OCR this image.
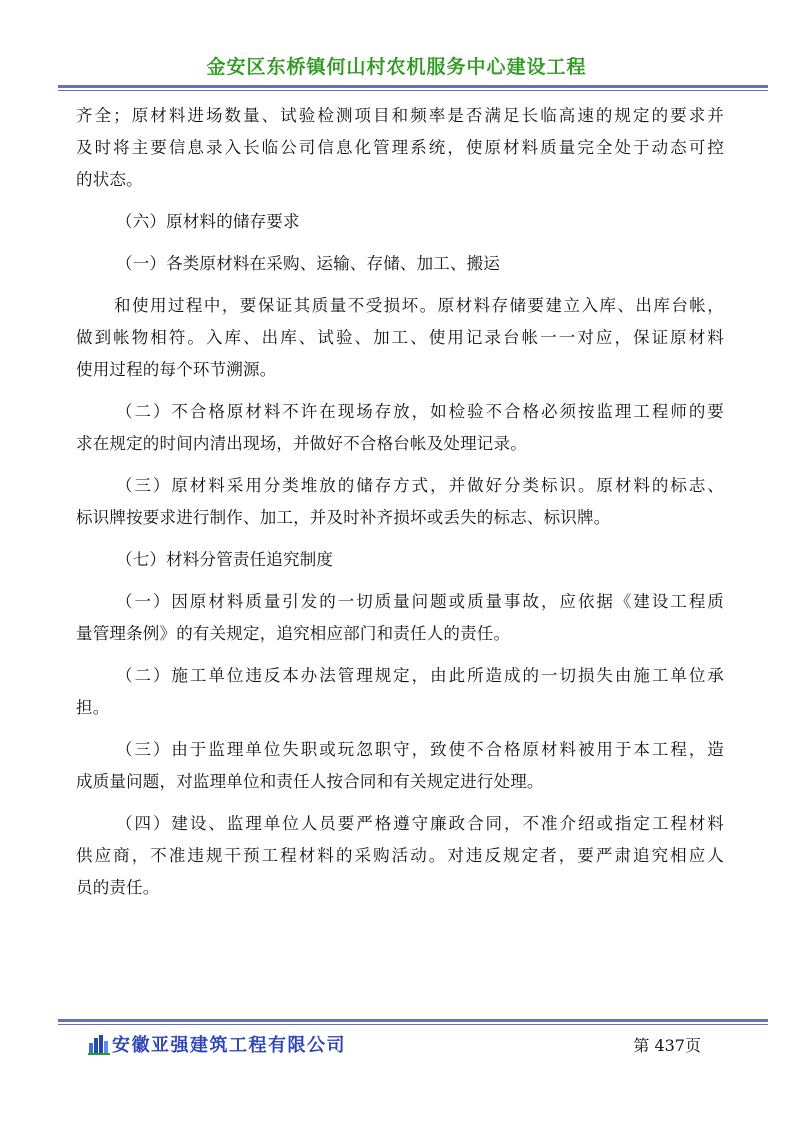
金安区东桥镇何山村农机服务中心建设工程
齐全；原材料进场数量、试验检测项目和频率是否满足长临高速的规定的要求并
及时将主要信息录入长临公司信息化管理系统，使原材料质量完全处于动态可控
的状态。
（六）原材料的储存要求
（一）各类原材料在采购、运输、存储、加工、搬运
和使用过程中，要保证其质量不受损坏。原材料存储要建立入库、出库台帐，
做到帐物相符。入库、出库、试验、加工、使用记录台帐一一对应，保证原材料
使用过程的每个环节溯源。
（二）不合格原材料不许在现场存放，如检验不合格必须按监理工程师的要
求在规定的时间内清出现场，并做好不合格台帐及处理记录。
（三）原材料采用分类堆放的储存方式，并做好分类标识。原材料的标志、
标识牌按要求进行制作、加工，并及时补齐损坏或丢失的标志、标识牌。
（七）材料分管责任追究制度
（一）因原材料质量引发的一切质量问题或质量事故，应依据《建设工程质
量管理条例》的有关规定，追究相应部门和责任人的责任。
（二）施工单位违反本办法管理规定，由此所造成的一切损失由施工单位承
担。
（三）由于监理单位失职或玩忽职守，致使不合格原材料被用于本工程，造
成质量问题，对监理单位和责任人按合同和有关规定进行处理。
（四）建设、监理单位人员要严格遵守廉政合同，不准介绍或指定工程材料
供应商，不准违规干预工程材料的采购活动。对违反规定者，要严肃追究相应人
员的责任。
安徽亚强建筑工程有限公司	第 437页
